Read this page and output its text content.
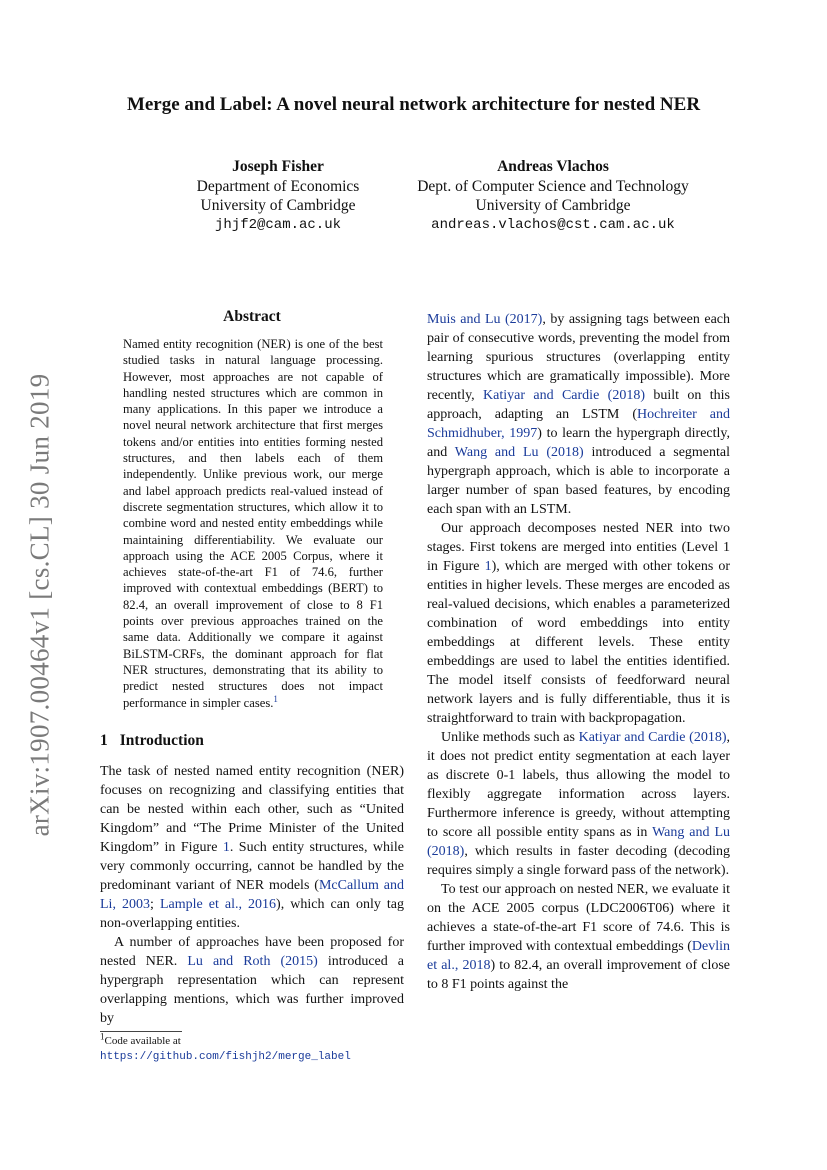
arXiv:1907.00464v1 [cs.CL] 30 Jun 2019
Merge and Label: A novel neural network architecture for nested NER
Joseph Fisher
Department of Economics
University of Cambridge
jhjf2@cam.ac.uk
Andreas Vlachos
Dept. of Computer Science and Technology
University of Cambridge
andreas.vlachos@cst.cam.ac.uk
Abstract
Named entity recognition (NER) is one of the best studied tasks in natural language processing. However, most approaches are not capable of handling nested structures which are common in many applications. In this paper we introduce a novel neural network architecture that first merges tokens and/or entities into entities forming nested structures, and then labels each of them independently. Unlike previous work, our merge and label approach predicts real-valued instead of discrete segmentation structures, which allow it to combine word and nested entity embeddings while maintaining differentiability. We evaluate our approach using the ACE 2005 Corpus, where it achieves state-of-the-art F1 of 74.6, further improved with contextual embeddings (BERT) to 82.4, an overall improvement of close to 8 F1 points over previous approaches trained on the same data. Additionally we compare it against BiLSTM-CRFs, the dominant approach for flat NER structures, demonstrating that its ability to predict nested structures does not impact performance in simpler cases.$^1$
1 Introduction

The task of nested named entity recognition (NER) focuses on recognizing and classifying entities that can be nested within each other, such as “United Kingdom” and “The Prime Minister of the United Kingdom” in Figure 1. Such entity structures, while very commonly occurring, cannot be handled by the predominant variant of NER models (McCallum and Li, 2003; Lample et al., 2016), which can only tag non-overlapping entities.

A number of approaches have been proposed for nested NER. Lu and Roth (2015) introduced a hypergraph representation which can represent overlapping mentions, which was further improved by

Muis and Lu (2017), by assigning tags between each pair of consecutive words, preventing the model from learning spurious structures (overlapping entity structures which are gramatically impossible). More recently, Katiyar and Cardie (2018) built on this approach, adapting an LSTM (Hochreiter and Schmidhuber, 1997) to learn the hypergraph directly, and Wang and Lu (2018) introduced a segmental hypergraph approach, which is able to incorporate a larger number of span based features, by encoding each span with an LSTM.

Our approach decomposes nested NER into two stages. First tokens are merged into entities (Level 1 in Figure 1), which are merged with other tokens or entities in higher levels. These merges are encoded as real-valued decisions, which enables a parameterized combination of word embeddings into entity embeddings at different levels. These entity embeddings are used to label the entities identified. The model itself consists of feedforward neural network layers and is fully differentiable, thus it is straightforward to train with backpropagation.

Unlike methods such as Katiyar and Cardie (2018), it does not predict entity segmentation at each layer as discrete 0-1 labels, thus allowing the model to flexibly aggregate information across layers. Furthermore inference is greedy, without attempting to score all possible entity spans as in Wang and Lu (2018), which results in faster decoding (decoding requires simply a single forward pass of the network).

To test our approach on nested NER, we evaluate it on the ACE 2005 corpus (LDC2006T06) where it achieves a state-of-the-art F1 score of 74.6. This is further improved with contextual embeddings (Devlin et al., 2018) to 82.4, an overall improvement of close to 8 F1 points against the

$^1$Code available at https://github.com/fishjh2/merge_label
